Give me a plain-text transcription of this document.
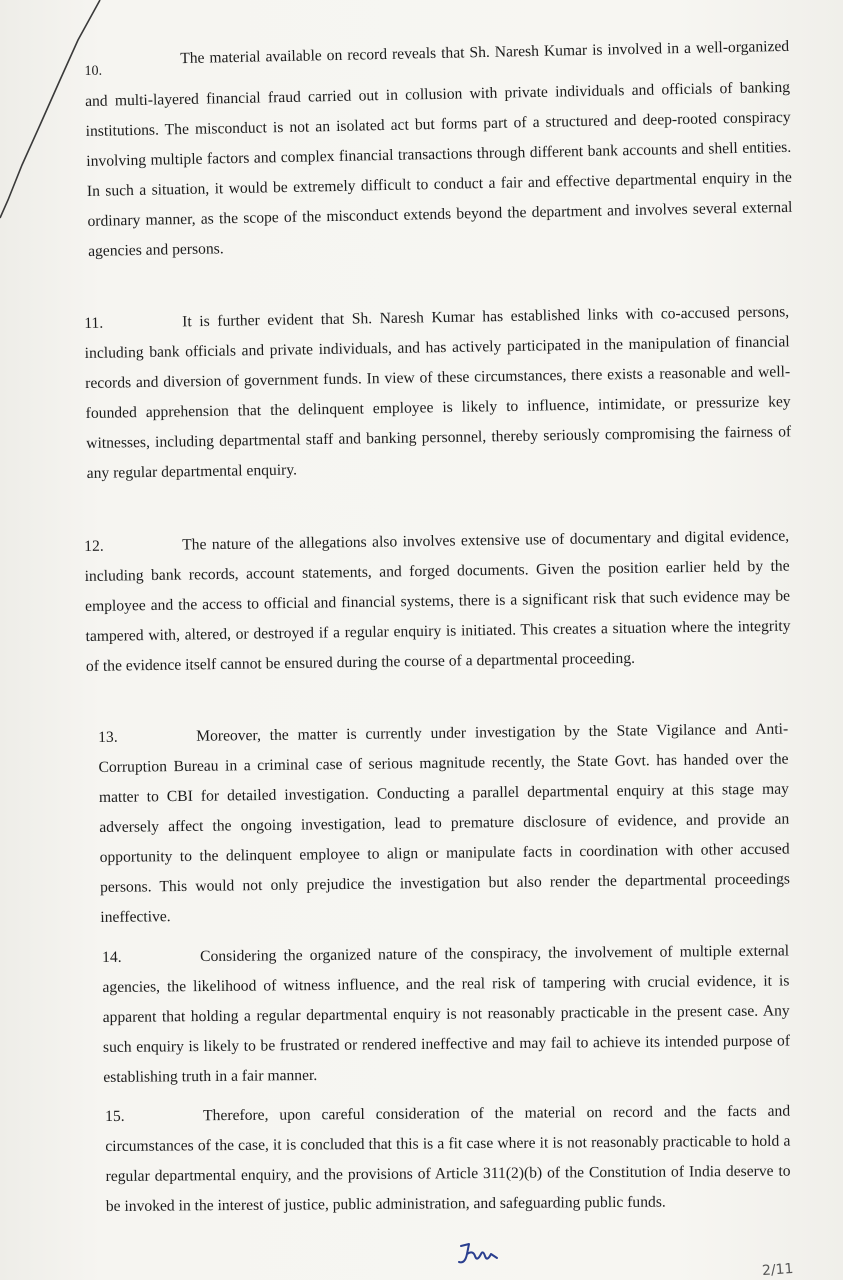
10.The material available on record reveals that Sh. Naresh Kumar is involved in a well-organized and multi-layered financial fraud carried out in collusion with private individuals and officials of banking institutions. The misconduct is not an isolated act but forms part of a structured and deep-rooted conspiracy involving multiple factors and complex financial transactions through different bank accounts and shell entities. In such a situation, it would be extremely difficult to conduct a fair and effective departmental enquiry in the ordinary manner, as the scope of the misconduct extends beyond the department and involves several external agencies and persons.
11.	It is further evident that Sh. Naresh Kumar has established links with co-accused persons, including bank officials and private individuals, and has actively participated in the manipulation of financial records and diversion of government funds. In view of these circumstances, there exists a reasonable and well-founded apprehension that the delinquent employee is likely to influence, intimidate, or pressurize key witnesses, including departmental staff and banking personnel, thereby seriously compromising the fairness of any regular departmental enquiry.
12.	The nature of the allegations also involves extensive use of documentary and digital evidence, including bank records, account statements, and forged documents. Given the position earlier held by the employee and the access to official and financial systems, there is a significant risk that such evidence may be tampered with, altered, or destroyed if a regular enquiry is initiated. This creates a situation where the integrity of the evidence itself cannot be ensured during the course of a departmental proceeding.
13.	Moreover, the matter is currently under investigation by the State Vigilance and Anti-Corruption Bureau in a criminal case of serious magnitude recently, the State Govt. has handed over the matter to CBI for detailed investigation. Conducting a parallel departmental enquiry at this stage may adversely affect the ongoing investigation, lead to premature disclosure of evidence, and provide an opportunity to the delinquent employee to align or manipulate facts in coordination with other accused persons. This would not only prejudice the investigation but also render the departmental proceedings ineffective.
14.	Considering the organized nature of the conspiracy, the involvement of multiple external agencies, the likelihood of witness influence, and the real risk of tampering with crucial evidence, it is apparent that holding a regular departmental enquiry is not reasonably practicable in the present case. Any such enquiry is likely to be frustrated or rendered ineffective and may fail to achieve its intended purpose of establishing truth in a fair manner.
15.	Therefore, upon careful consideration of the material on record and the facts and circumstances of the case, it is concluded that this is a fit case where it is not reasonably practicable to hold a regular departmental enquiry, and the provisions of Article 311(2)(b) of the Constitution of India deserve to be invoked in the interest of justice, public administration, and safeguarding public funds.
2/11
